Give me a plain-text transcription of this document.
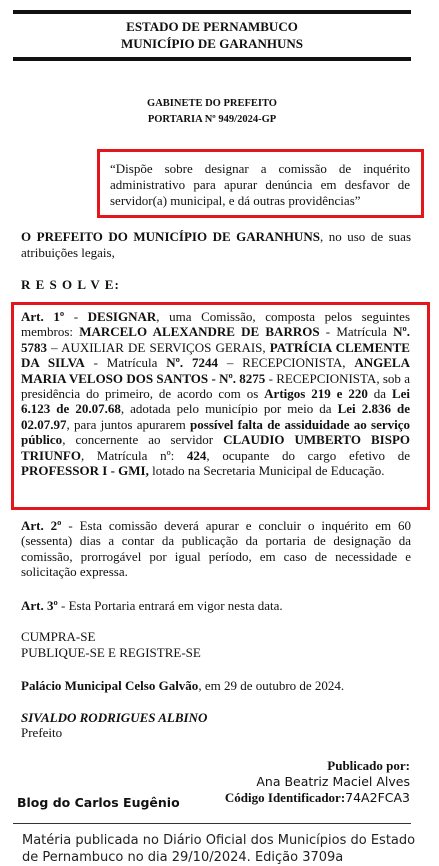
ESTADO DE PERNAMBUCO
MUNICÍPIO DE GARANHUNS
GABINETE DO PREFEITO
PORTARIA Nº 949/2024-GP
“Dispõe sobre designar a comissão de inquérito administrativo para apurar denúncia em desfavor de servidor(a) municipal, e dá outras providências”
O PREFEITO DO MUNICÍPIO DE GARANHUNS, no uso de suas atribuições legais,
R E S O L V E:
Art. 1º - DESIGNAR, uma Comissão, composta pelos seguintes membros: MARCELO ALEXANDRE DE BARROS - Matrícula Nº. 5783 – AUXILIAR DE SERVIÇOS GERAIS, PATRÍCIA CLEMENTE DA SILVA - Matrícula Nº. 7244 – RECEPCIONISTA, ANGELA MARIA VELOSO DOS SANTOS - Nº. 8275 - RECEPCIONISTA, sob a presidência do primeiro, de acordo com os Artigos 219 e 220 da Lei 6.123 de 20.07.68, adotada pelo município por meio da Lei 2.836 de 02.07.97, para juntos apurarem possível falta de assiduidade ao serviço público, concernente ao servidor CLAUDIO UMBERTO BISPO TRIUNFO, Matrícula nº: 424, ocupante do cargo efetivo de PROFESSOR I - GMI, lotado na Secretaria Municipal de Educação.
Art. 2º - Esta comissão deverá apurar e concluir o inquérito em 60 (sessenta) dias a contar da publicação da portaria de designação da comissão, prorrogável por igual período, em caso de necessidade e solicitação expressa.
Art. 3º - Esta Portaria entrará em vigor nesta data.
CUMPRA-SE
PUBLIQUE-SE E REGISTRE-SE
Palácio Municipal Celso Galvão, em 29 de outubro de 2024.
SIVALDO RODRIGUES ALBINO
Prefeito
Publicado por:
Ana Beatriz Maciel Alves
Código Identificador:74A2FCA3
Blog do Carlos Eugênio
Matéria publicada no Diário Oficial dos Municípios do Estado de Pernambuco no dia 29/10/2024. Edição 3709a
